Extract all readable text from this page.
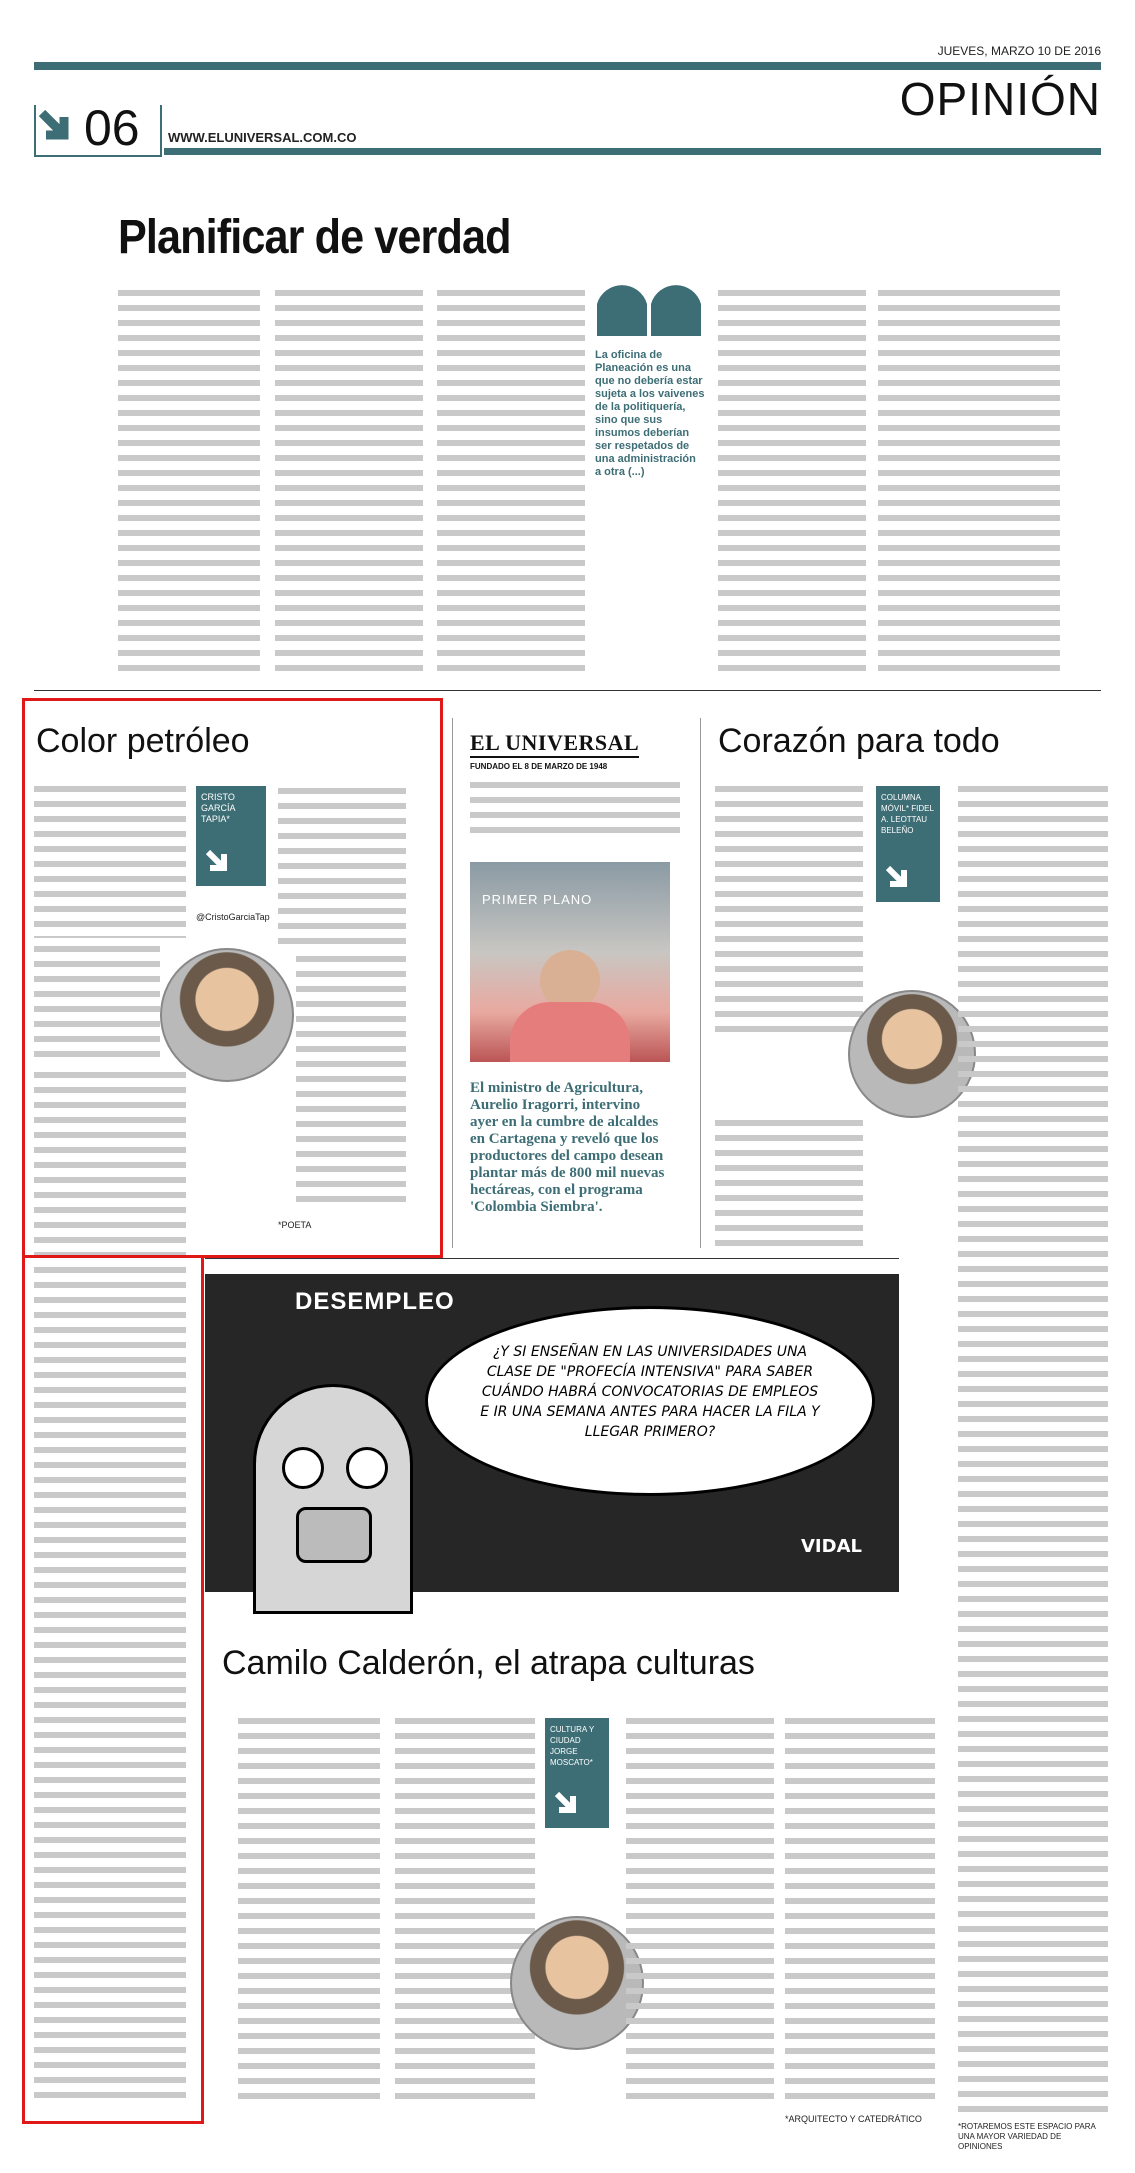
JUEVES, MARZO 10 DE 2016
OPINIÓN
06 WWW.ELUNIVERSAL.COM.CO
Planificar de verdad
La oficina de Planeación es una que no debería estar sujeta a los vaivenes de la politiquería, sino que sus insumos deberían ser respetados de una administración a otra (...)
Color petróleo
CRISTO GARCÍA TAPIA*
@CristoGarciaTap
*POETA
EL UNIVERSAL
FUNDADO EL 8 DE MARZO DE 1948
PRIMER PLANO
El ministro de Agricultura, Aurelio Iragorri, intervino ayer en la cumbre de alcaldes en Cartagena y reveló que los productores del campo desean plantar más de 800 mil nuevas hectáreas, con el programa 'Colombia Siembra'.
Corazón para todo
COLUMNA MÓVIL* FIDEL A. LEOTTAU BELEÑO
*ROTAREMOS ESTE ESPACIO PARA UNA MAYOR VARIEDAD DE OPINIONES
DESEMPLEO
¿Y SI ENSEÑAN EN LAS UNIVERSIDADES UNA CLASE DE "PROFECÍA INTENSIVA" PARA SABER CUÁNDO HABRÁ CONVOCATORIAS DE EMPLEOS E IR UNA SEMANA ANTES PARA HACER LA FILA Y LLEGAR PRIMERO?
VIDAL
Camilo Calderón, el atrapa culturas
CULTURA Y CIUDAD JORGE MOSCATO*
*ARQUITECTO Y CATEDRÁTICO
